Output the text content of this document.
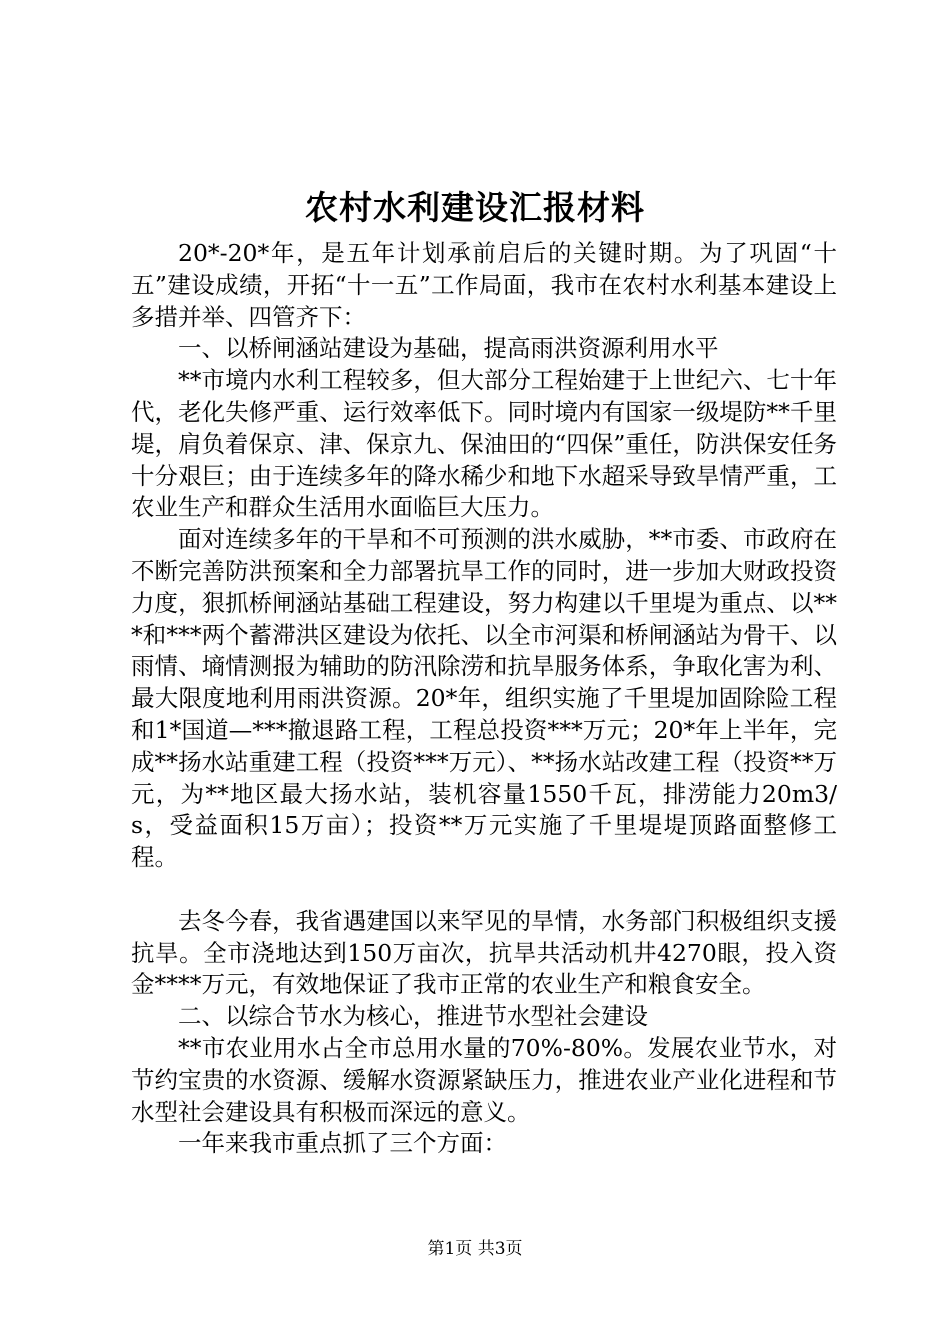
农村水利建设汇报材料

20*-20*年，是五年计划承前启后的关键时期。为了巩固“十五”建设成绩，开拓“十一五”工作局面，我市在农村水利基本建设上多措并举、四管齐下：

一、以桥闸涵站建设为基础，提高雨洪资源利用水平

**市境内水利工程较多，但大部分工程始建于上世纪六、七十年代，老化失修严重、运行效率低下。同时境内有国家一级堤防**千里堤，肩负着保京、津、保京九、保油田的“四保”重任，防洪保安任务十分艰巨；由于连续多年的降水稀少和地下水超采导致旱情严重，工农业生产和群众生活用水面临巨大压力。

面对连续多年的干旱和不可预测的洪水威胁，**市委、市政府在不断完善防洪预案和全力部署抗旱工作的同时，进一步加大财政投资力度，狠抓桥闸涵站基础工程建设，努力构建以千里堤为重点、以***和***两个蓄滞洪区建设为依托、以全市河渠和桥闸涵站为骨干、以雨情、墒情测报为辅助的防汛除涝和抗旱服务体系，争取化害为利、最大限度地利用雨洪资源。20*年，组织实施了千里堤加固除险工程和1*国道—***撤退路工程，工程总投资***万元；20*年上半年，完成**扬水站重建工程（投资***万元）、**扬水站改建工程（投资**万元，为**地区最大扬水站，装机容量1550千瓦，排涝能力20m3/s，受益面积15万亩）；投资**万元实施了千里堤堤顶路面整修工程。

去冬今春，我省遇建国以来罕见的旱情，水务部门积极组织支援抗旱。全市浇地达到150万亩次，抗旱共活动机井4270眼，投入资金****万元，有效地保证了我市正常的农业生产和粮食安全。

二、以综合节水为核心，推进节水型社会建设

**市农业用水占全市总用水量的70%-80%。发展农业节水，对节约宝贵的水资源、缓解水资源紧缺压力，推进农业产业化进程和节水型社会建设具有积极而深远的意义。

一年来我市重点抓了三个方面：

第1页 共3页
